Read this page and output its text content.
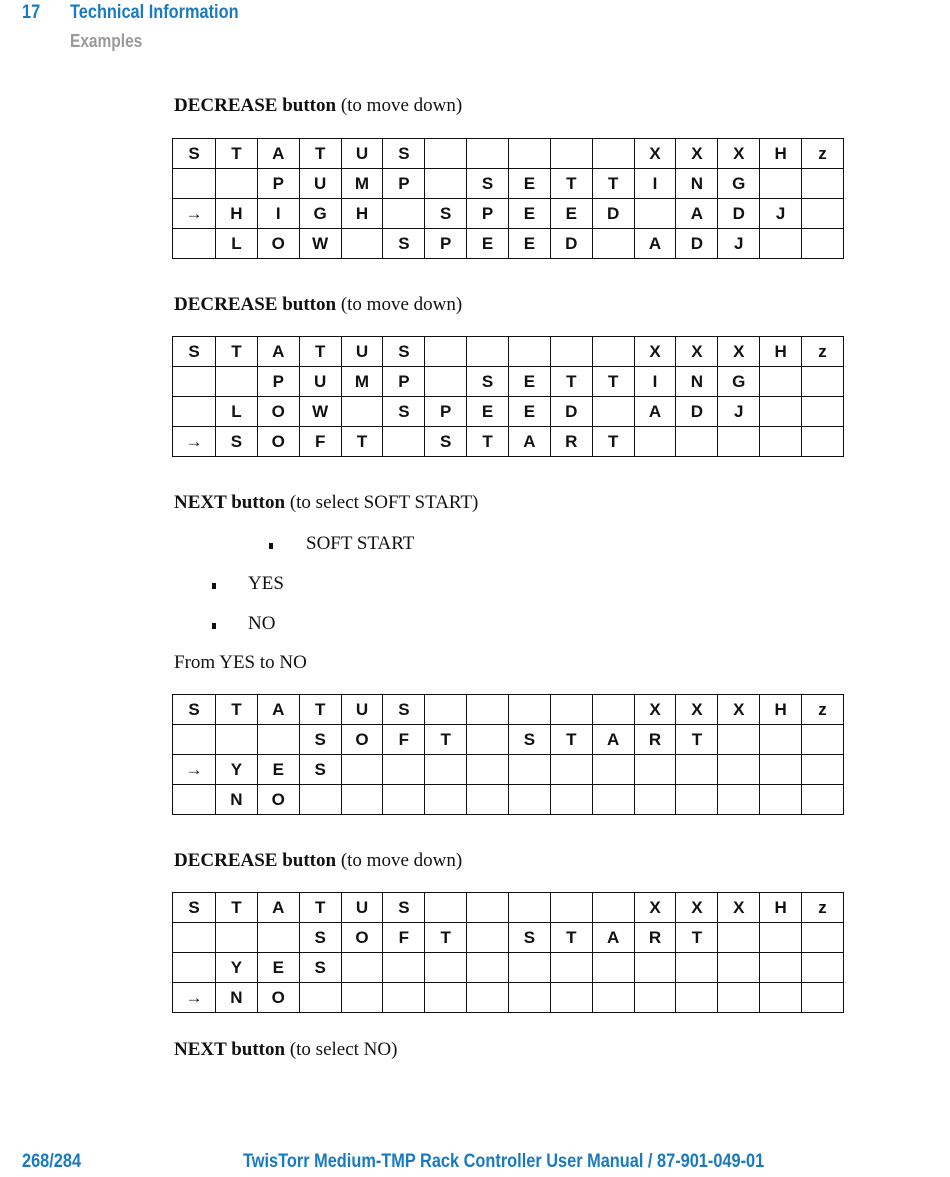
17 Technical Information
Examples
DECREASE button (to move down)
S	T	A	T	U	S						X	X	X	H	z
		P	U	M	P		S	E	T	T	I	N	G		
→	H	I	G	H		S	P	E	E	D		A	D	J	
	L	O	W		S	P	E	E	D		A	D	J		
DECREASE button (to move down)
S	T	A	T	U	S						X	X	X	H	z
		P	U	M	P		S	E	T	T	I	N	G		
	L	O	W		S	P	E	E	D		A	D	J		
→	S	O	F	T		S	T	A	R	T					
NEXT button (to select SOFT START)
SOFT START
YES
NO
From YES to NO
S	T	A	T	U	S						X	X	X	H	z
			S	O	F	T		S	T	A	R	T			
→	Y	E	S												
	N	O													
DECREASE button (to move down)
S	T	A	T	U	S						X	X	X	H	z
			S	O	F	T		S	T	A	R	T			
	Y	E	S												
→	N	O													
NEXT button (to select NO)
268/284	TwisTorr Medium-TMP Rack Controller User Manual / 87-901-049-01
